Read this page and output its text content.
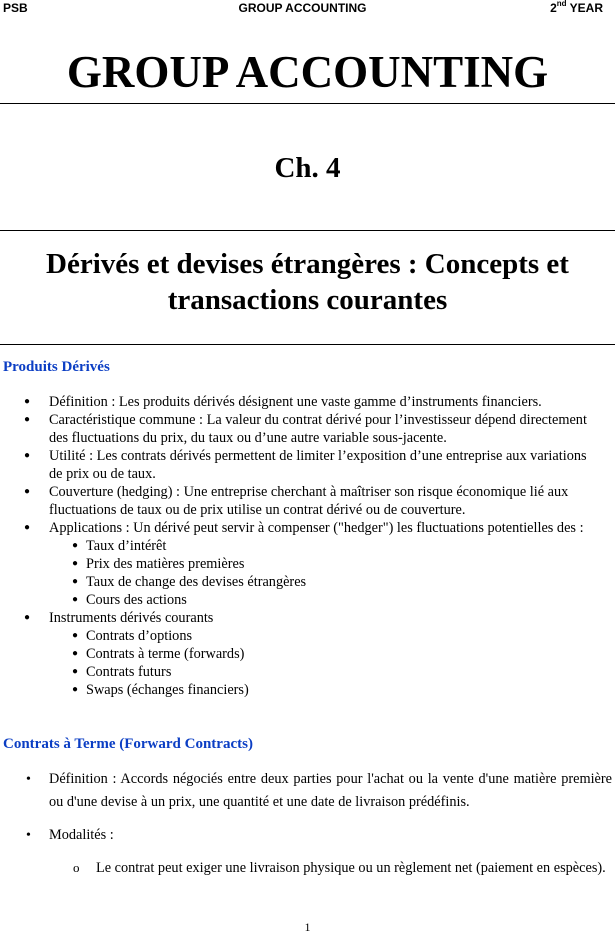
PSB	GROUP ACCOUNTING	2nd YEAR
GROUP ACCOUNTING
Ch. 4
Dérivés et devises étrangères : Concepts et
transactions courantes
Produits Dérivés
● Définition : Les produits dérivés désignent une vaste gamme d’instruments financiers.
● Caractéristique commune : La valeur du contrat dérivé pour l’investisseur dépend directement des fluctuations du prix, du taux ou d’une autre variable sous-jacente.
● Utilité : Les contrats dérivés permettent de limiter l’exposition d’une entreprise aux variations de prix ou de taux.
● Couverture (hedging) : Une entreprise cherchant à maîtriser son risque économique lié aux fluctuations de taux ou de prix utilise un contrat dérivé ou de couverture.
● Applications : Un dérivé peut servir à compenser ("hedger") les fluctuations potentielles des :
● Taux d’intérêt
● Prix des matières premières
● Taux de change des devises étrangères
● Cours des actions
● Instruments dérivés courants
● Contrats d’options
● Contrats à terme (forwards)
● Contrats futurs
● Swaps (échanges financiers)
Contrats à Terme (Forward Contracts)
• Définition : Accords négociés entre deux parties pour l'achat ou la vente d'une matière première ou d'une devise à un prix, une quantité et une date de livraison prédéfinis.
• Modalités :
o Le contrat peut exiger une livraison physique ou un règlement net (paiement en espèces).
1
